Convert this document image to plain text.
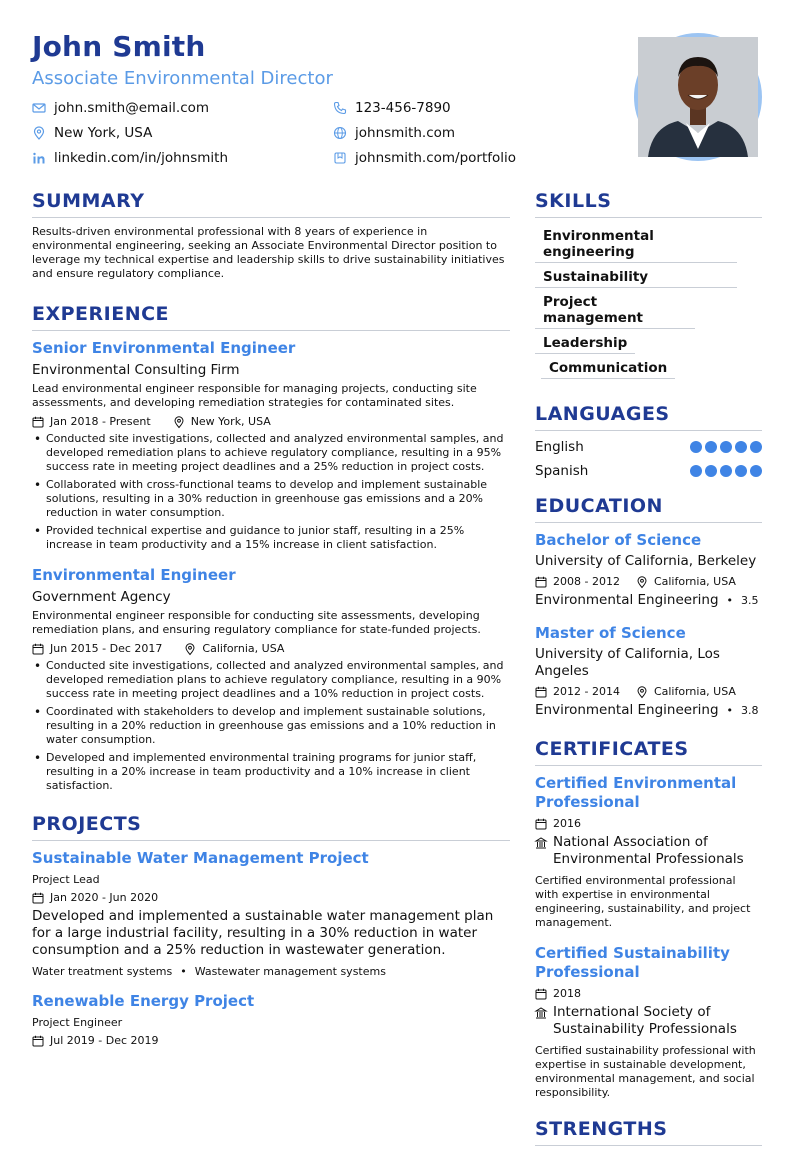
John Smith
Associate Environmental Director
john.smith@email.com	123-456-7890
New York, USA	johnsmith.com
linkedin.com/in/johnsmith	johnsmith.com/portfolio
SUMMARY
Results-driven environmental professional with 8 years of experience in environmental engineering, seeking an Associate Environmental Director position to leverage my technical expertise and leadership skills to drive sustainability initiatives and ensure regulatory compliance.
EXPERIENCE
Senior Environmental Engineer
Environmental Consulting Firm
Lead environmental engineer responsible for managing projects, conducting site assessments, and developing remediation strategies for contaminated sites.
Jan 2018 - Present	New York, USA
• Conducted site investigations, collected and analyzed environmental samples, and developed remediation plans to achieve regulatory compliance, resulting in a 95% success rate in meeting project deadlines and a 25% reduction in project costs.
• Collaborated with cross-functional teams to develop and implement sustainable solutions, resulting in a 30% reduction in greenhouse gas emissions and a 20% reduction in water consumption.
• Provided technical expertise and guidance to junior staff, resulting in a 25% increase in team productivity and a 15% increase in client satisfaction.
Environmental Engineer
Government Agency
Environmental engineer responsible for conducting site assessments, developing remediation plans, and ensuring regulatory compliance for state-funded projects.
Jun 2015 - Dec 2017	California, USA
• Conducted site investigations, collected and analyzed environmental samples, and developed remediation plans to achieve regulatory compliance, resulting in a 90% success rate in meeting project deadlines and a 10% reduction in project costs.
• Coordinated with stakeholders to develop and implement sustainable solutions, resulting in a 20% reduction in greenhouse gas emissions and a 10% reduction in water consumption.
• Developed and implemented environmental training programs for junior staff, resulting in a 20% increase in team productivity and a 10% increase in client satisfaction.
PROJECTS
Sustainable Water Management Project
Project Lead
Jan 2020 - Jun 2020
Developed and implemented a sustainable water management plan for a large industrial facility, resulting in a 30% reduction in water consumption and a 25% reduction in wastewater generation.
Water treatment systems • Wastewater management systems
Renewable Energy Project
Project Engineer
Jul 2019 - Dec 2019
SKILLS
Environmental engineering
Sustainability
Project management
Leadership
Communication
LANGUAGES
English
Spanish
EDUCATION
Bachelor of Science
University of California, Berkeley
2008 - 2012	California, USA
Environmental Engineering • 3.5
Master of Science
University of California, Los Angeles
2012 - 2014	California, USA
Environmental Engineering • 3.8
CERTIFICATES
Certified Environmental Professional
2016
National Association of Environmental Professionals
Certified environmental professional with expertise in environmental engineering, sustainability, and project management.
Certified Sustainability Professional
2018
International Society of Sustainability Professionals
Certified sustainability professional with expertise in sustainable development, environmental management, and social responsibility.
STRENGTHS
